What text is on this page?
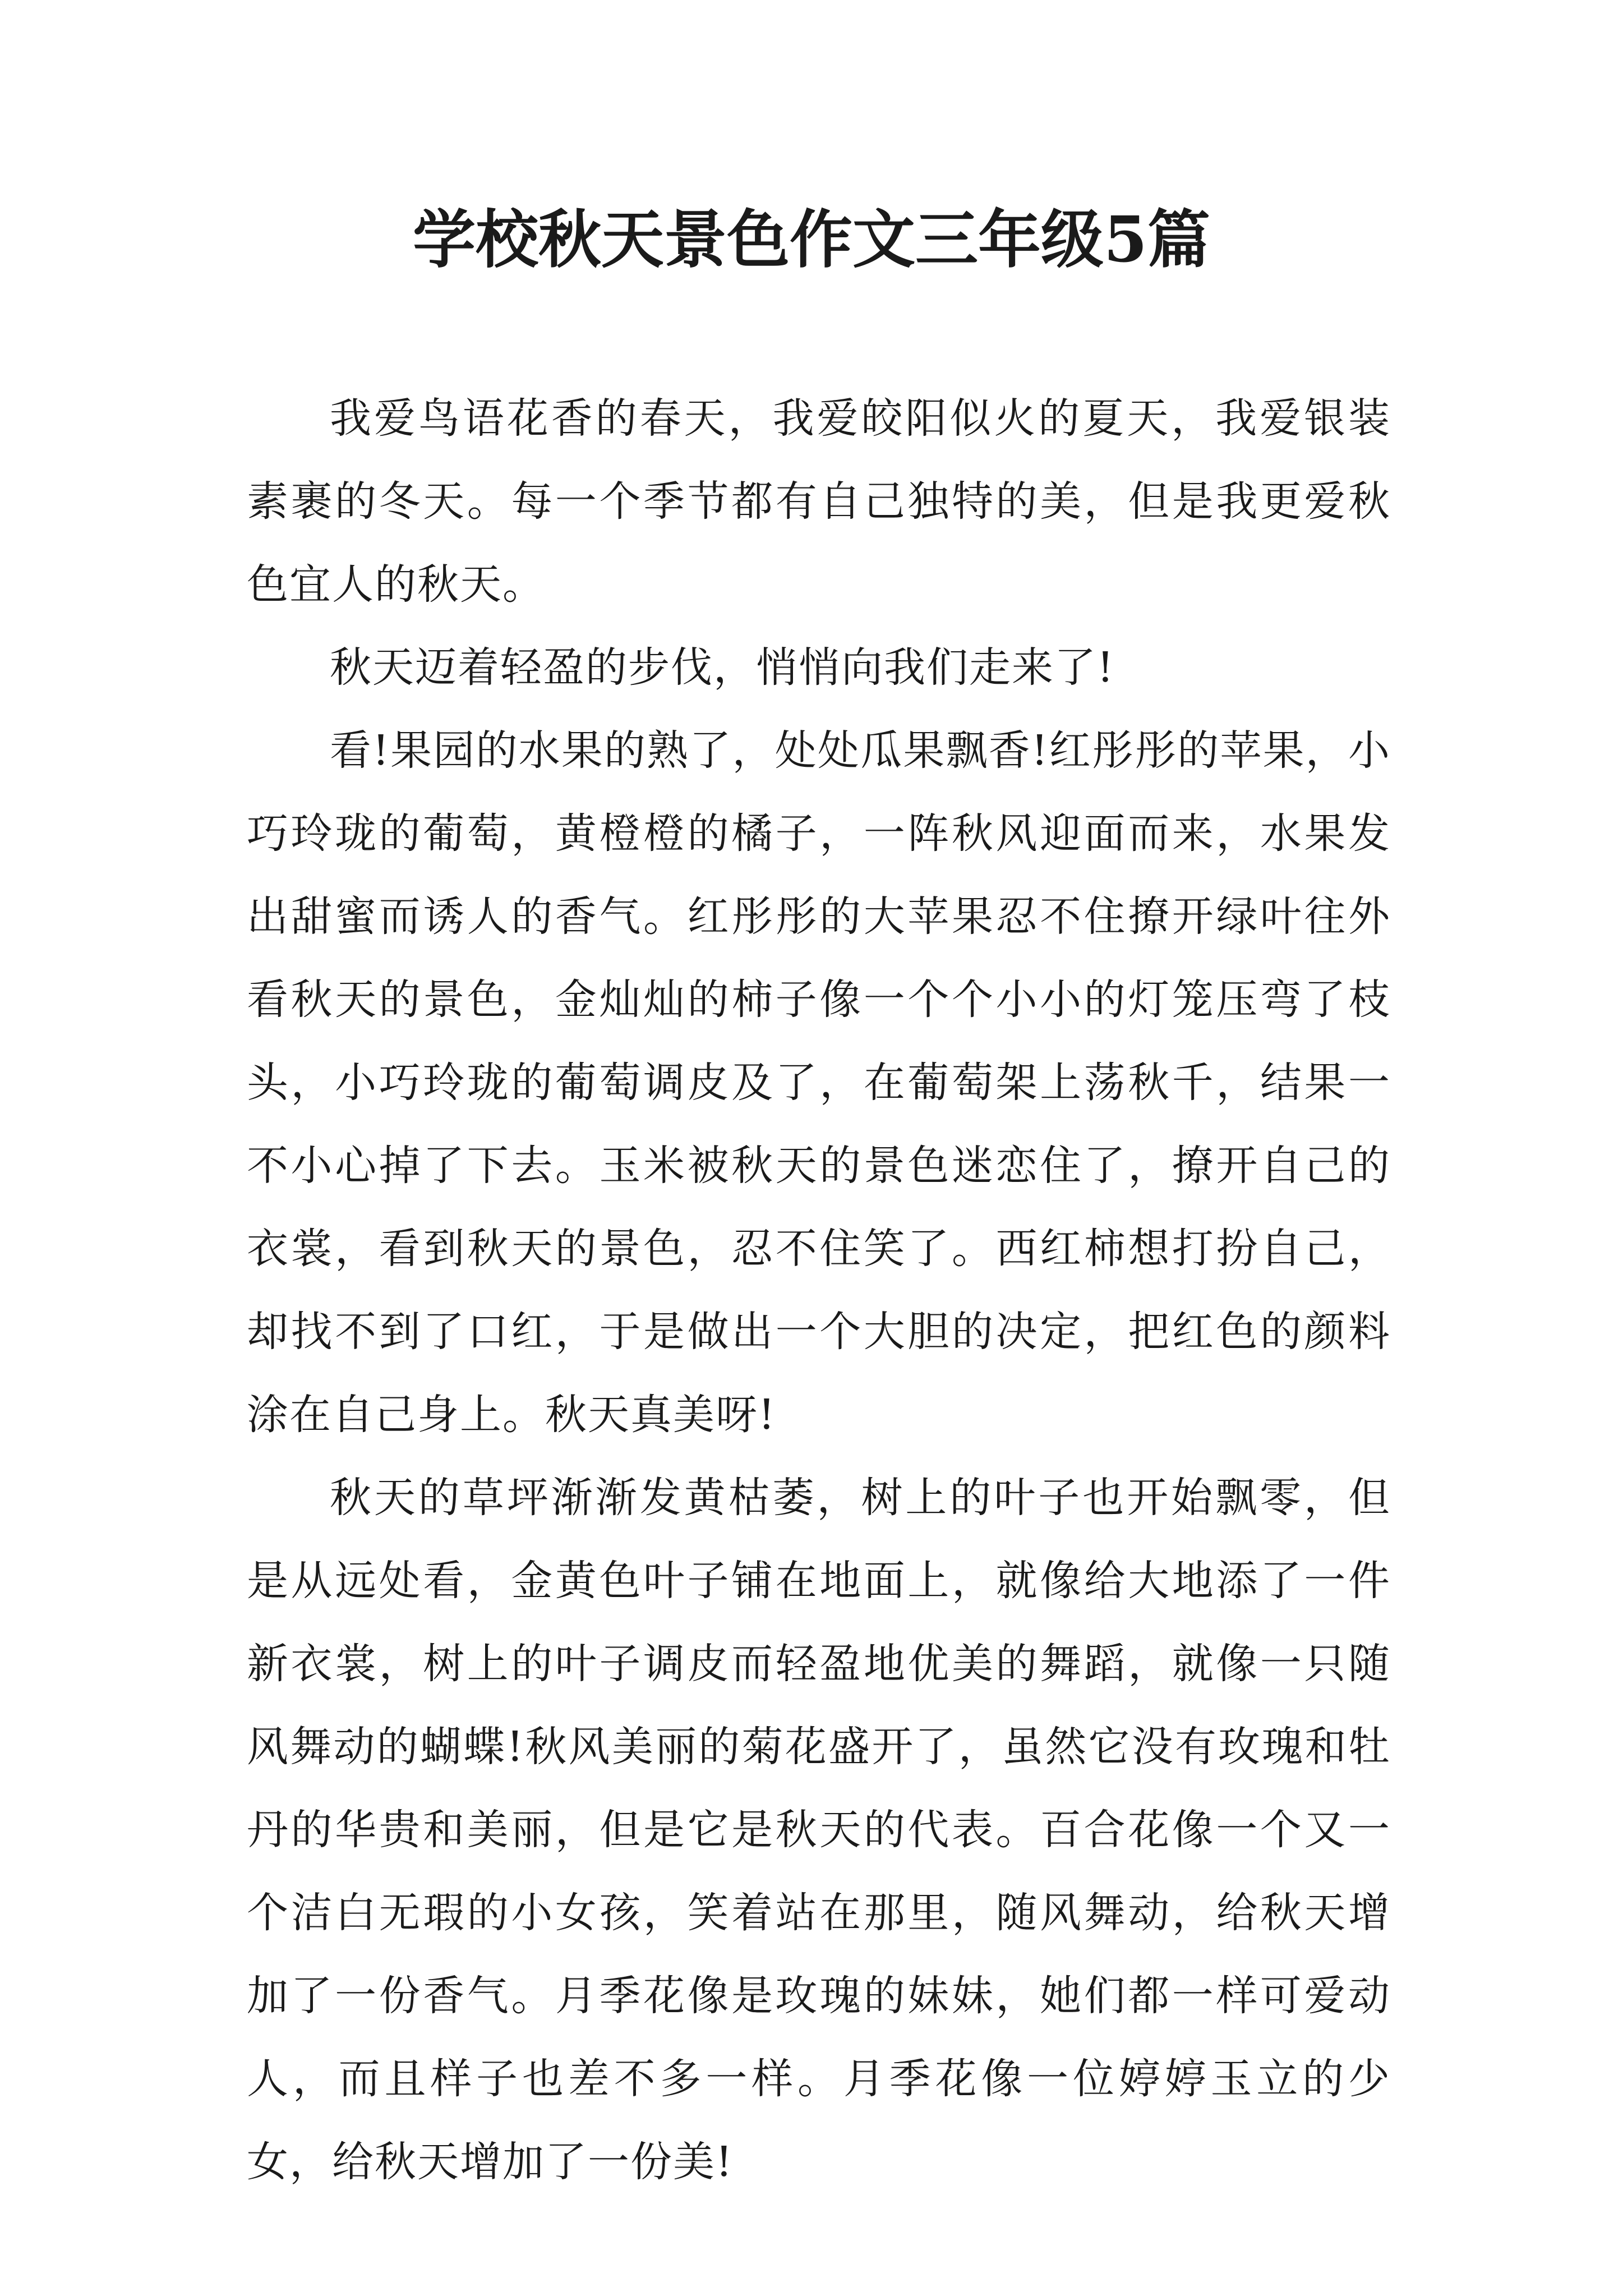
学校秋天景色作文三年级5篇

我爱鸟语花香的春天，我爱皎阳似火的夏天，我爱银装素裹的冬天。每一个季节都有自己独特的美，但是我更爱秋色宜人的秋天。

秋天迈着轻盈的步伐，悄悄向我们走来了!

看!果园的水果的熟了，处处瓜果飘香!红彤彤的苹果，小巧玲珑的葡萄，黄橙橙的橘子，一阵秋风迎面而来，水果发出甜蜜而诱人的香气。红彤彤的大苹果忍不住撩开绿叶往外看秋天的景色，金灿灿的柿子像一个个小小的灯笼压弯了枝头，小巧玲珑的葡萄调皮及了，在葡萄架上荡秋千，结果一不小心掉了下去。玉米被秋天的景色迷恋住了，撩开自己的衣裳，看到秋天的景色，忍不住笑了。西红柿想打扮自己，却找不到了口红，于是做出一个大胆的决定，把红色的颜料涂在自己身上。秋天真美呀!

秋天的草坪渐渐发黄枯萎，树上的叶子也开始飘零，但是从远处看，金黄色叶子铺在地面上，就像给大地添了一件新衣裳，树上的叶子调皮而轻盈地优美的舞蹈，就像一只随风舞动的蝴蝶!秋风美丽的菊花盛开了，虽然它没有玫瑰和牡丹的华贵和美丽，但是它是秋天的代表。百合花像一个又一个洁白无瑕的小女孩，笑着站在那里，随风舞动，给秋天增加了一份香气。月季花像是玫瑰的妹妹，她们都一样可爱动人，而且样子也差不多一样。月季花像一位婷婷玉立的少女，给秋天增加了一份美!
